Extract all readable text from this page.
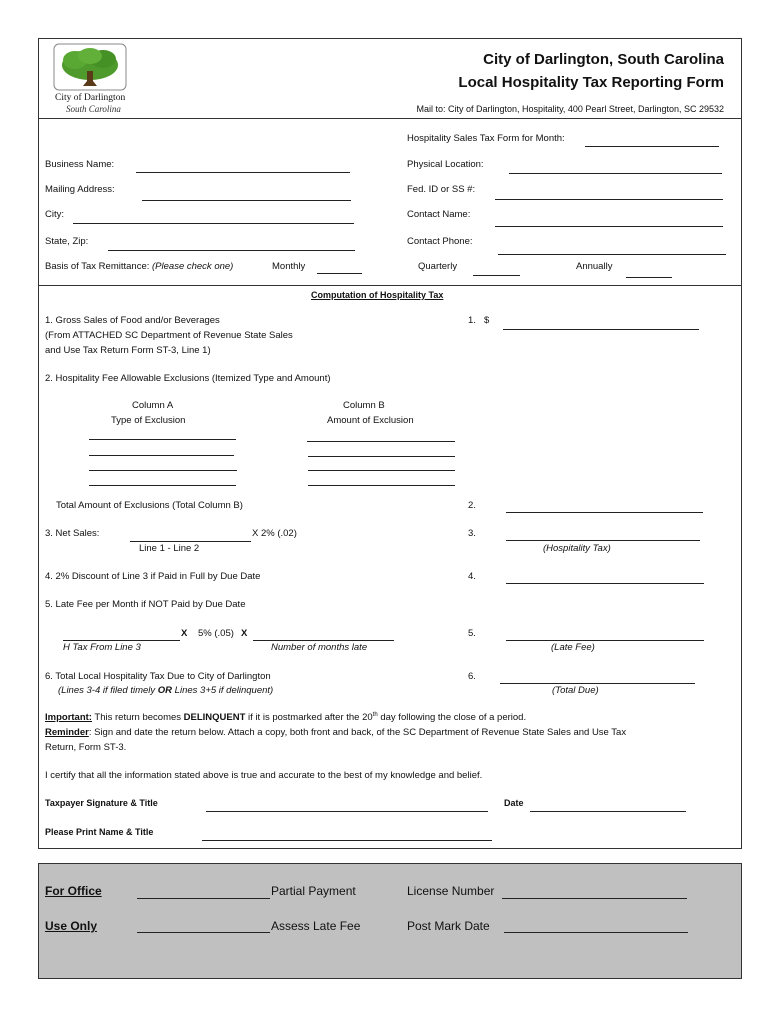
City of Darlington
South Carolina
City of Darlington, South Carolina
Local Hospitality Tax Reporting Form
Mail to: City of Darlington, Hospitality, 400 Pearl Street, Darlington, SC 29532
Hospitality Sales Tax Form for Month:
Business Name:	Physical Location:
Mailing Address:	Fed. ID or SS #:
City:	Contact Name:
State, Zip:	Contact Phone:
Basis of Tax Remittance: (Please check one)	Monthly	Quarterly	Annually
Computation of Hospitality Tax
1. Gross Sales of Food and/or Beverages
(From ATTACHED SC Department of Revenue State Sales
and Use Tax Return Form ST-3, Line 1)
1. $
2. Hospitality Fee Allowable Exclusions (Itemized Type and Amount)
Column A
Type of Exclusion
Column B
Amount of Exclusion
Total Amount of Exclusions (Total Column B)	2.
3. Net Sales:	X 2% (.02)
Line 1 - Line 2
3.
(Hospitality Tax)
4. 2% Discount of Line 3 if Paid in Full by Due Date	4.
5. Late Fee per Month if NOT Paid by Due Date
X 5% (.05) X
H Tax From Line 3	Number of months late
5.
(Late Fee)
6. Total Local Hospitality Tax Due to City of Darlington
(Lines 3-4 if filed timely OR Lines 3+5 if delinquent)
6.
(Total Due)
Important: This return becomes DELINQUENT if it is postmarked after the 20th day following the close of a period.
Reminder: Sign and date the return below. Attach a copy, both front and back, of the SC Department of Revenue State Sales and Use Tax
Return, Form ST-3.
I certify that all the information stated above is true and accurate to the best of my knowledge and belief.
Taxpayer Signature & Title	Date
Please Print Name & Title
For Office
Use Only
Partial Payment
Assess Late Fee
License Number
Post Mark Date
